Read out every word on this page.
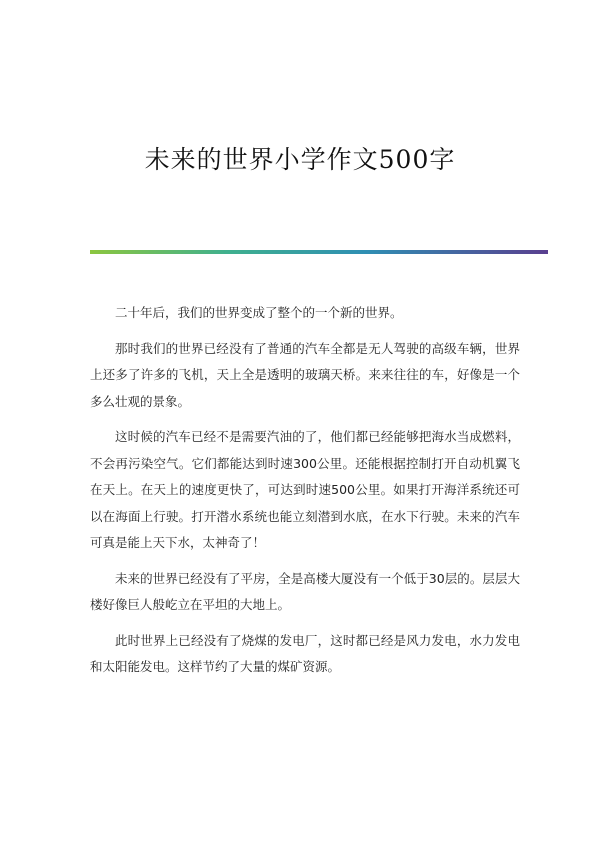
未来的世界小学作文500字

二十年后，我们的世界变成了整个的一个新的世界。

那时我们的世界已经没有了普通的汽车全都是无人驾驶的高级车辆，世界上还多了许多的飞机，天上全是透明的玻璃天桥。来来往往的车，好像是一个多么壮观的景象。

这时候的汽车已经不是需要汽油的了，他们都已经能够把海水当成燃料，不会再污染空气。它们都能达到时速300公里。还能根据控制打开自动机翼飞在天上。在天上的速度更快了，可达到时速500公里。如果打开海洋系统还可以在海面上行驶。打开潜水系统也能立刻潜到水底，在水下行驶。未来的汽车可真是能上天下水，太神奇了！

未来的世界已经没有了平房，全是高楼大厦没有一个低于30层的。层层大楼好像巨人般屹立在平坦的大地上。

此时世界上已经没有了烧煤的发电厂，这时都已经是风力发电，水力发电和太阳能发电。这样节约了大量的煤矿资源。
